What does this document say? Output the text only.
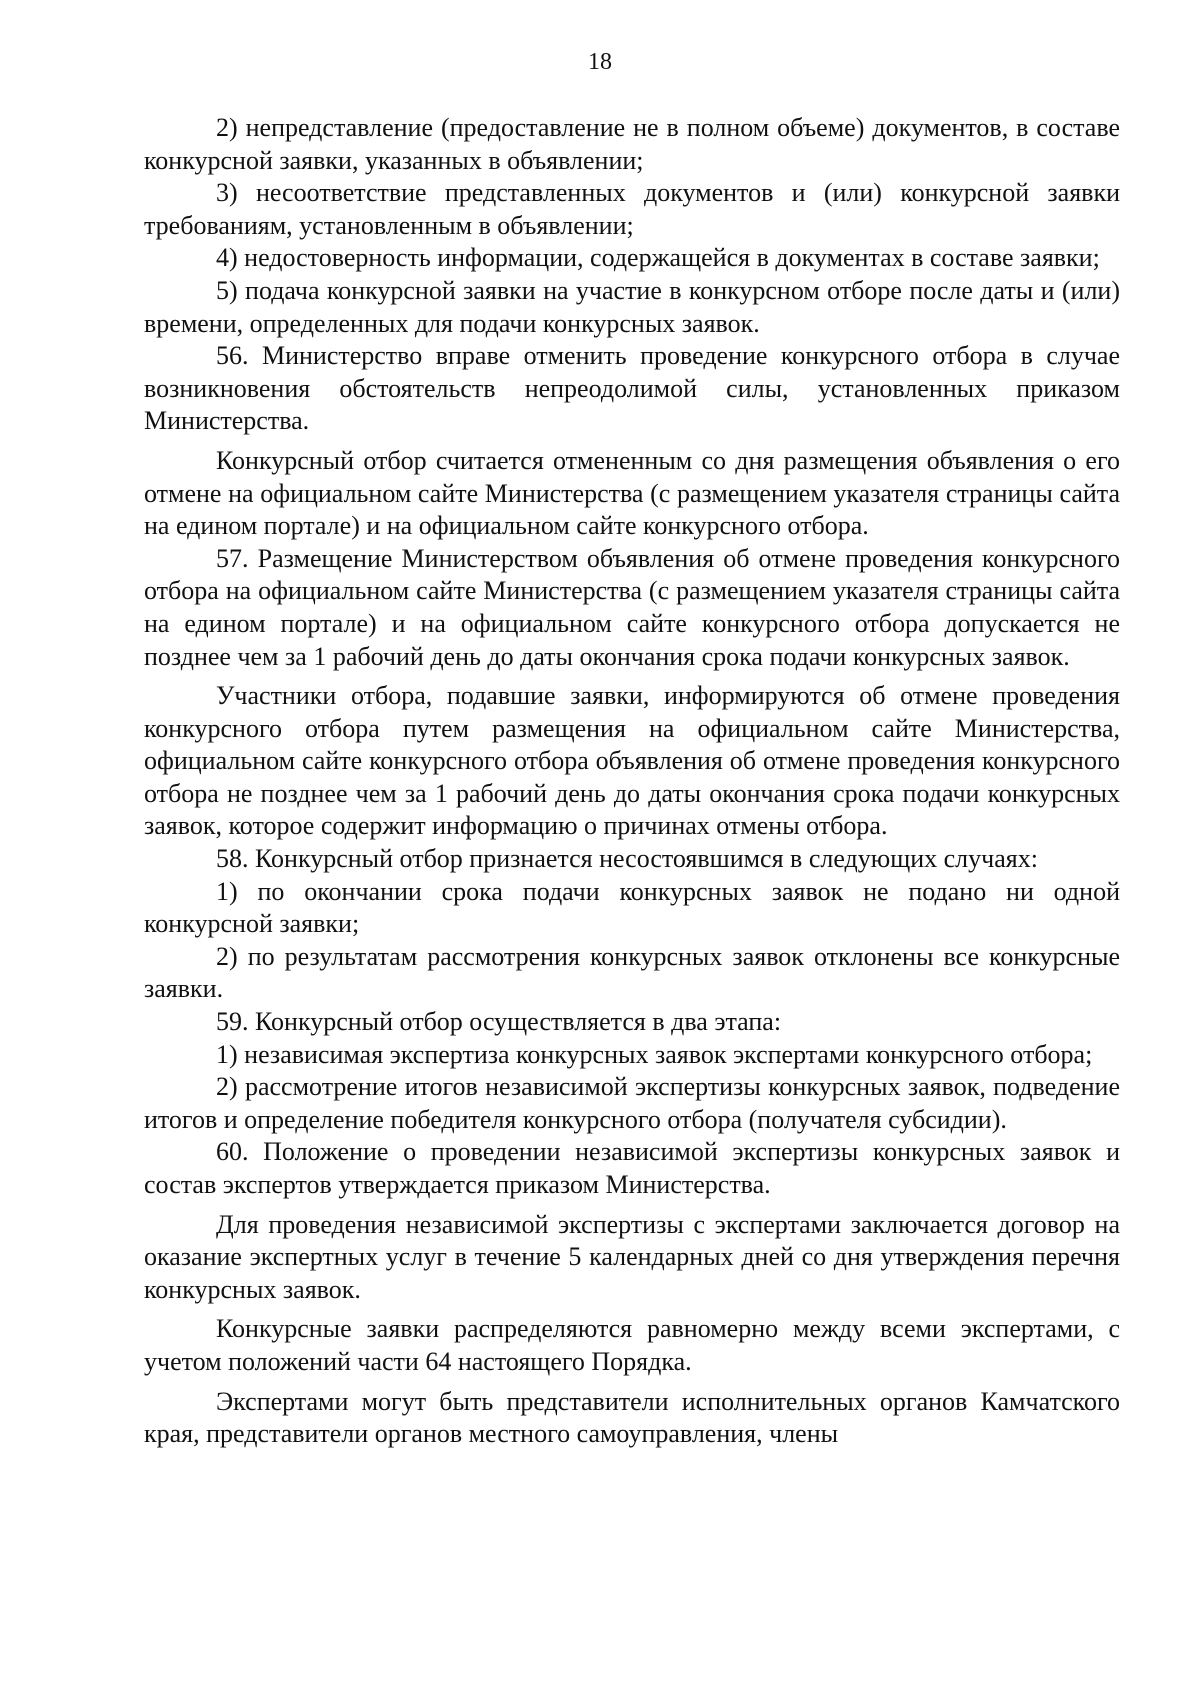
18

2) непредставление (предоставление не в полном объеме) документов, в составе конкурсной заявки, указанных в объявлении;

3) несоответствие представленных документов и (или) конкурсной заявки требованиям, установленным в объявлении;

4) недостоверность информации, содержащейся в документах в составе заявки;

5) подача конкурсной заявки на участие в конкурсном отборе после даты и (или) времени, определенных для подачи конкурсных заявок.

56. Министерство вправе отменить проведение конкурсного отбора в случае возникновения обстоятельств непреодолимой силы, установленных приказом Министерства.

Конкурсный отбор считается отмененным со дня размещения объявления о его отмене на официальном сайте Министерства (с размещением указателя страницы сайта на едином портале) и на официальном сайте конкурсного отбора.

57. Размещение Министерством объявления об отмене проведения конкурсного отбора на официальном сайте Министерства (с размещением указателя страницы сайта на едином портале) и на официальном сайте конкурсного отбора допускается не позднее чем за 1 рабочий день до даты окончания срока подачи конкурсных заявок.

Участники отбора, подавшие заявки, информируются об отмене проведения конкурсного отбора путем размещения на официальном сайте Министерства, официальном сайте конкурсного отбора объявления об отмене проведения конкурсного отбора не позднее чем за 1 рабочий день до даты окончания срока подачи конкурсных заявок, которое содержит информацию о причинах отмены отбора.

58. Конкурсный отбор признается несостоявшимся в следующих случаях:

1) по окончании срока подачи конкурсных заявок не подано ни одной конкурсной заявки;

2) по результатам рассмотрения конкурсных заявок отклонены все конкурсные заявки.

59. Конкурсный отбор осуществляется в два этапа:

1) независимая экспертиза конкурсных заявок экспертами конкурсного отбора;

2) рассмотрение итогов независимой экспертизы конкурсных заявок, подведение итогов и определение победителя конкурсного отбора (получателя субсидии).

60. Положение о проведении независимой экспертизы конкурсных заявок и состав экспертов утверждается приказом Министерства.

Для проведения независимой экспертизы с экспертами заключается договор на оказание экспертных услуг в течение 5 календарных дней со дня утверждения перечня конкурсных заявок.

Конкурсные заявки распределяются равномерно между всеми экспертами, с учетом положений части 64 настоящего Порядка.

Экспертами могут быть представители исполнительных органов Камчатского края, представители органов местного самоуправления, члены
